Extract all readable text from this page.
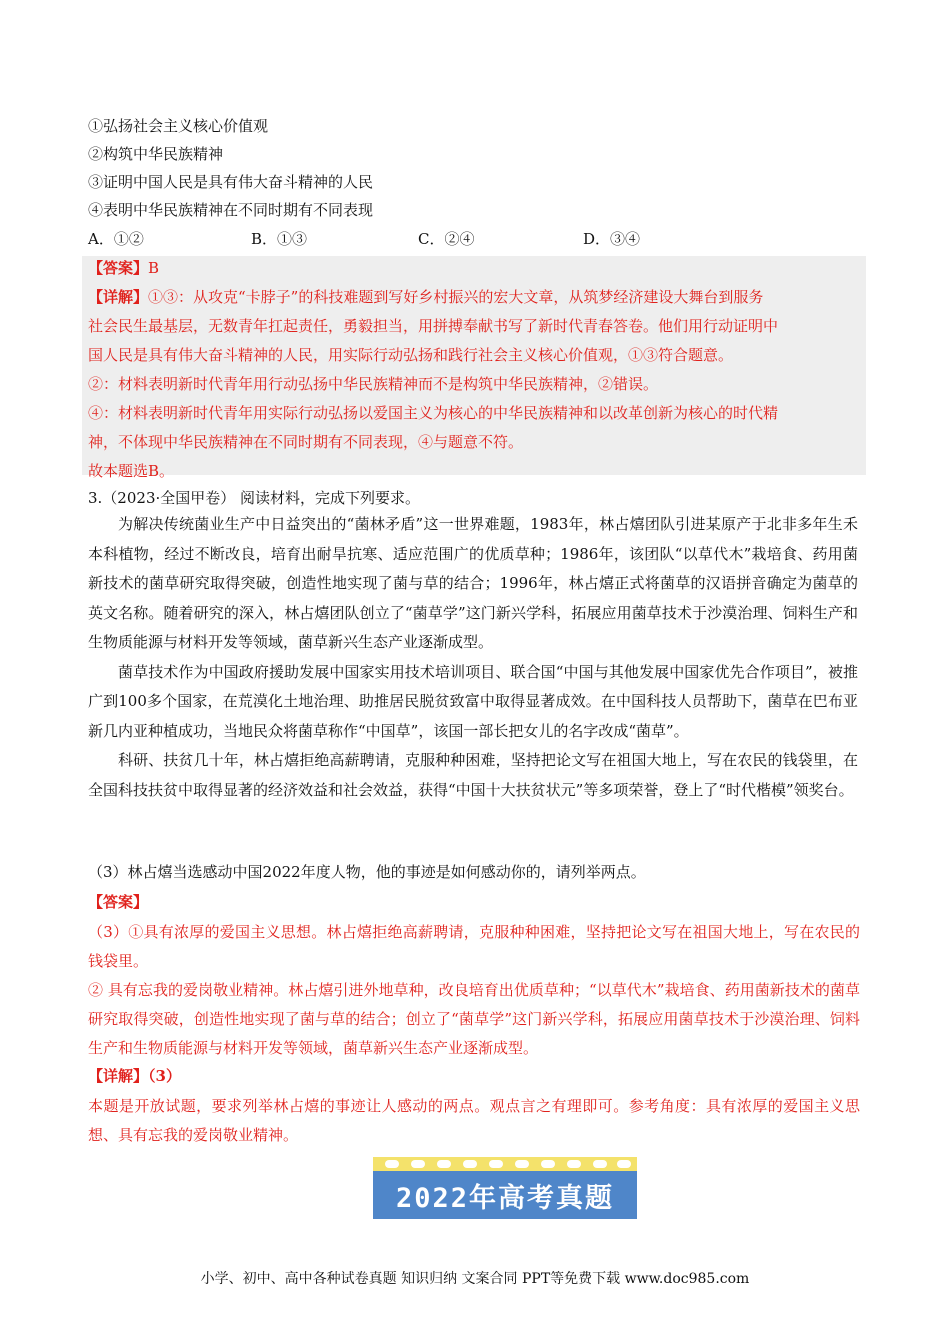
①弘扬社会主义核心价值观
②构筑中华民族精神
③证明中国人民是具有伟大奋斗精神的人民
④表明中华民族精神在不同时期有不同表现
A．①②	B．①③	C．②④	D．③④
【答案】B
【详解】①③：从攻克“卡脖子”的科技难题到写好乡村振兴的宏大文章，从筑梦经济建设大舞台到服务
社会民生最基层，无数青年扛起责任，勇毅担当，用拼搏奉献书写了新时代青春答卷。他们用行动证明中
国人民是具有伟大奋斗精神的人民，用实际行动弘扬和践行社会主义核心价值观，①③符合题意。
②：材料表明新时代青年用行动弘扬中华民族精神而不是构筑中华民族精神，②错误。
④：材料表明新时代青年用实际行动弘扬以爱国主义为核心的中华民族精神和以改革创新为核心的时代精
神，不体现中华民族精神在不同时期有不同表现，④与题意不符。
故本题选B。
3.（2023·全国甲卷） 阅读材料，完成下列要求。

为解决传统菌业生产中日益突出的“菌林矛盾”这一世界难题，1983年，林占熺团队引进某原产于北非多年生禾本科植物，经过不断改良，培育出耐旱抗寒、适应范围广的优质草种；1986年，该团队“以草代木”栽培食、药用菌新技术的菌草研究取得突破，创造性地实现了菌与草的结合；1996年，林占熺正式将菌草的汉语拼音确定为菌草的英文名称。随着研究的深入，林占熺团队创立了“菌草学”这门新兴学科，拓展应用菌草技术于沙漠治理、饲料生产和生物质能源与材料开发等领域，菌草新兴生态产业逐渐成型。

菌草技术作为中国政府援助发展中国家实用技术培训项目、联合国“中国与其他发展中国家优先合作项目”，被推广到100多个国家，在荒漠化土地治理、助推居民脱贫致富中取得显著成效。在中国科技人员帮助下，菌草在巴布亚新几内亚种植成功，当地民众将菌草称作“中国草”，该国一部长把女儿的名字改成“菌草”。

科研、扶贫几十年，林占熺拒绝高薪聘请，克服种种困难，坚持把论文写在祖国大地上，写在农民的钱袋里，在全国科技扶贫中取得显著的经济效益和社会效益，获得“中国十大扶贫状元”等多项荣誉，登上了“时代楷模”领奖台。

（3）林占熺当选感动中国2022年度人物，他的事迹是如何感动你的，请列举两点。
【答案】
（3）①具有浓厚的爱国主义思想。林占熺拒绝高薪聘请，克服种种困难，坚持把论文写在祖国大地上，写在农民的钱袋里。
② 具有忘我的爱岗敬业精神。林占熺引进外地草种，改良培育出优质草种；“以草代木”栽培食、药用菌新技术的菌草研究取得突破，创造性地实现了菌与草的结合；创立了“菌草学”这门新兴学科，拓展应用菌草技术于沙漠治理、饲料生产和生物质能源与材料开发等领域，菌草新兴生态产业逐渐成型。
【详解】（3）
本题是开放试题，要求列举林占熺的事迹让人感动的两点。观点言之有理即可。参考角度：具有浓厚的爱国主义思想、具有忘我的爱岗敬业精神。
2022年高考真题
小学、初中、高中各种试卷真题 知识归纳 文案合同 PPT等免费下载 www.doc985.com
